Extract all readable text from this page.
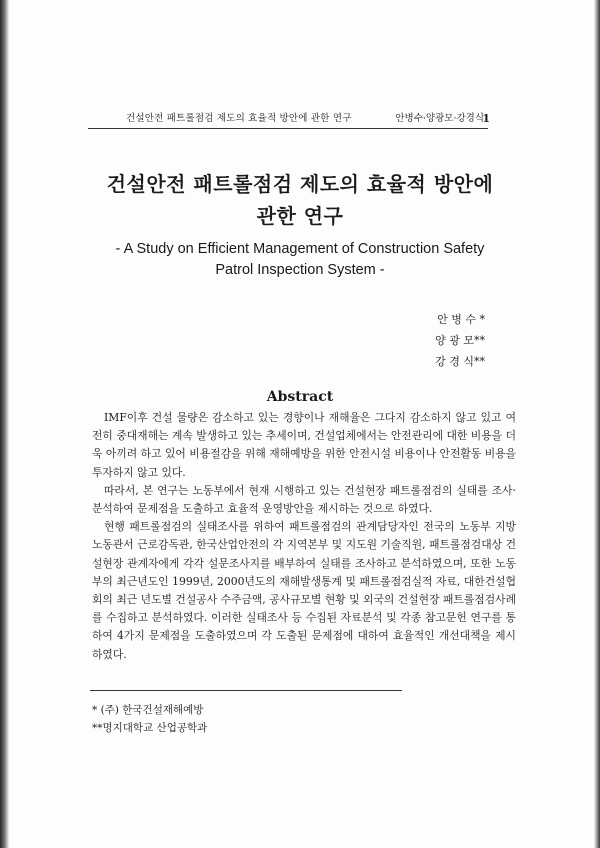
건설안전 패트롤점검 제도의 효율적 방안에 관한 연구	안병수·양광모·강경식
1
건설안전 패트롤점검 제도의 효율적 방안에
관한 연구
- A Study on Efficient Management of Construction Safety
Patrol Inspection System -
안 병 수 *
양 광 모**
강 경 식**
Abstract

IMF이후 건설 물량은 감소하고 있는 경향이나 재해율은 그다지 감소하지 않고 있고 여전히 중대재해는 계속 발생하고 있는 추세이며, 건설업체에서는 안전관리에 대한 비용을 더욱 아끼려 하고 있어 비용절감을 위해 재해예방을 위한 안전시설 비용이나 안전활동 비용을 투자하지 않고 있다.

따라서, 본 연구는 노동부에서 현재 시행하고 있는 건설현장 패트롤점검의 실태를 조사·분석하여 문제점을 도출하고 효율적 운영방안을 제시하는 것으로 하였다.

현행 패트롤점검의 실태조사를 위하여 패트롤점검의 관계담당자인 전국의 노동부 지방노동관서 근로감독관, 한국산업안전의 각 지역본부 및 지도원 기술직원, 패트롤점검대상 건설현장 관계자에게 각각 설문조사지를 배부하여 실태를 조사하고 분석하였으며, 또한 노동부의 최근년도인 1999년, 2000년도의 재해발생통계 및 패트롤점검실적 자료, 대한건설협회의 최근 년도별 건설공사 수주금액, 공사규모별 현황 및 외국의 건설현장 패트롤점검사례를 수집하고 분석하였다. 이러한 실태조사 등 수집된 자료분석 및 각종 참고문헌 연구를 통하여 4가지 문제점을 도출하였으며 각 도출된 문제점에 대하여 효율적인 개선대책을 제시하였다.

* (주) 한국건설재해예방
**명지대학교 산업공학과
